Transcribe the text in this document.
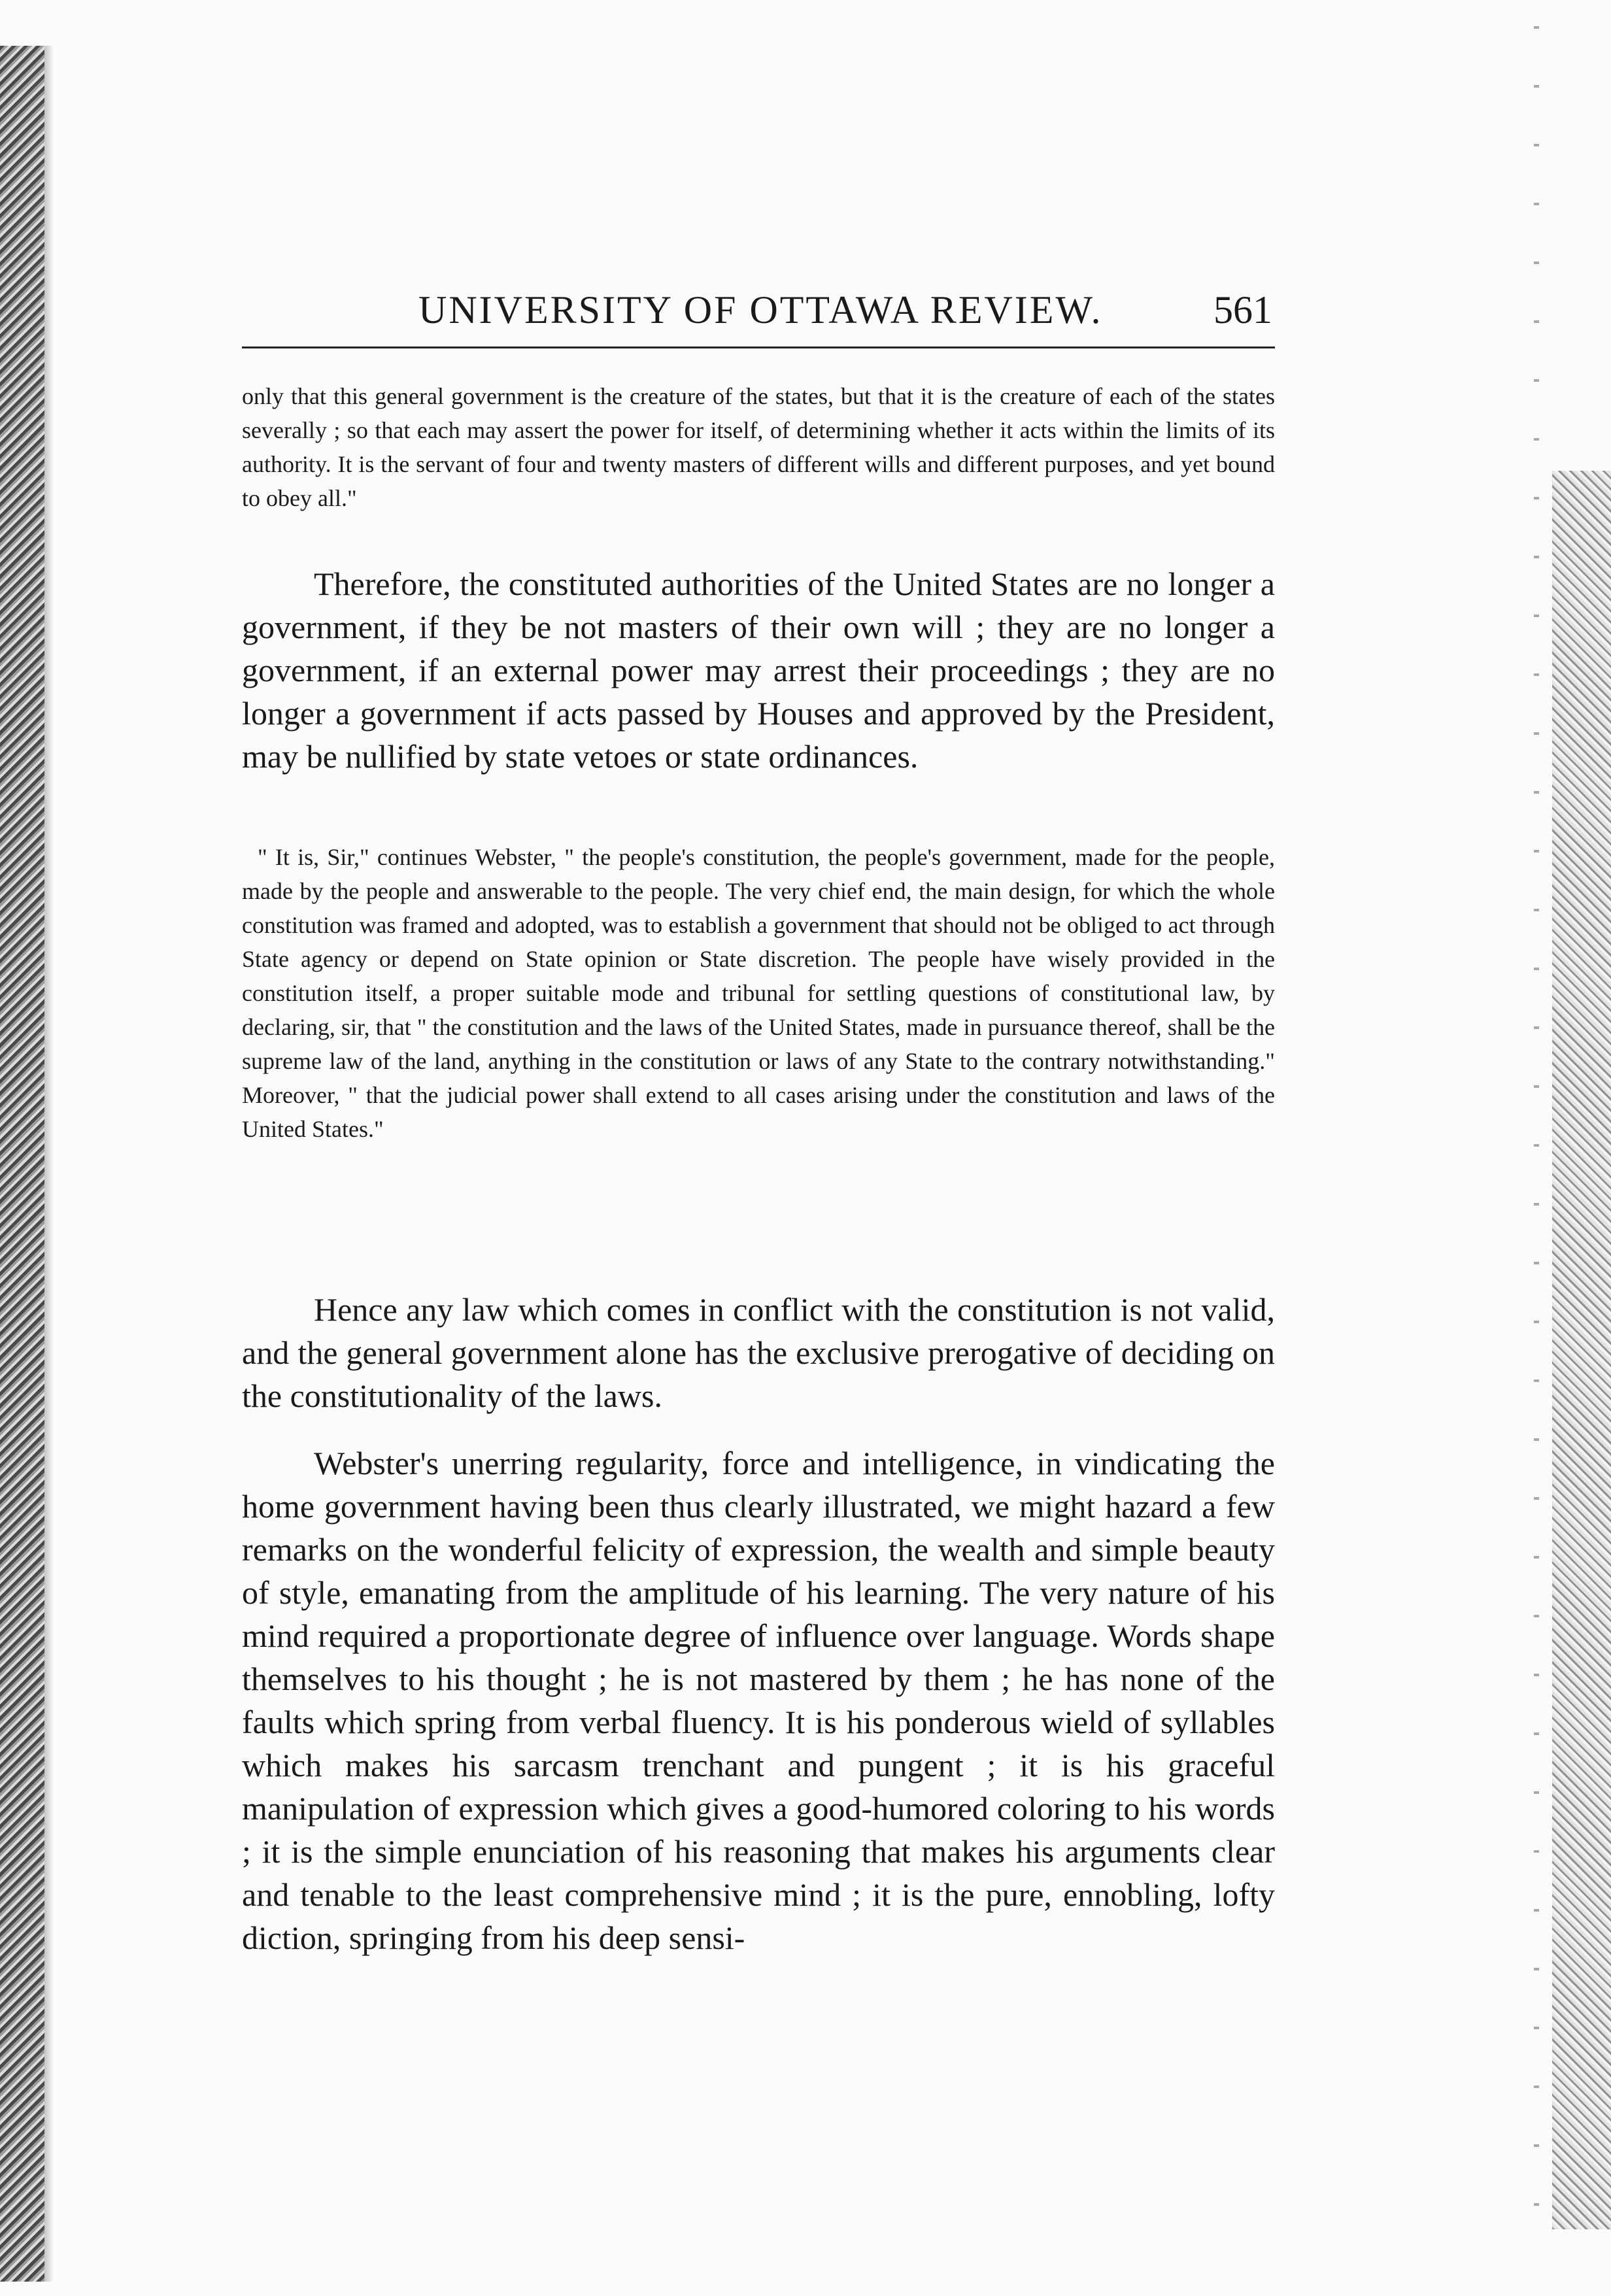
UNIVERSITY OF OTTAWA REVIEW.	561

only that this general government is the creature of the states, but that it is the creature of each of the states severally ; so that each may assert the power for itself, of determining whether it acts within the limits of its authority. It is the servant of four and twenty masters of different wills and different purposes, and yet bound to obey all."

Therefore, the constituted authorities of the United States are no longer a government, if they be not masters of their own will ; they are no longer a government, if an external power may arrest their proceedings ; they are no longer a government if acts passed by Houses and approved by the President, may be nullified by state vetoes or state ordinances.

" It is, Sir," continues Webster, " the people's constitution, the people's government, made for the people, made by the people and answerable to the people. The very chief end, the main design, for which the whole constitution was framed and adopted, was to establish a government that should not be obliged to act through State agency or depend on State opinion or State discretion. The people have wisely provided in the constitution itself, a proper suitable mode and tribunal for settling questions of constitutional law, by declaring, sir, that " the constitution and the laws of the United States, made in pursuance thereof, shall be the supreme law of the land, anything in the constitution or laws of any State to the contrary notwithstanding." Moreover, " that the judicial power shall extend to all cases arising under the constitution and laws of the United States."

Hence any law which comes in conflict with the constitution is not valid, and the general government alone has the exclusive prerogative of deciding on the constitutionality of the laws.

Webster's unerring regularity, force and intelligence, in vindicating the home government having been thus clearly illustrated, we might hazard a few remarks on the wonderful felicity of expression, the wealth and simple beauty of style, emanating from the amplitude of his learning. The very nature of his mind required a proportionate degree of influence over language. Words shape themselves to his thought ; he is not mastered by them ; he has none of the faults which spring from verbal fluency. It is his ponderous wield of syllables which makes his sarcasm trenchant and pungent ; it is his graceful manipulation of expression which gives a good-humored coloring to his words ; it is the simple enunciation of his reasoning that makes his arguments clear and tenable to the least comprehensive mind ; it is the pure, ennobling, lofty diction, springing from his deep sensi-
